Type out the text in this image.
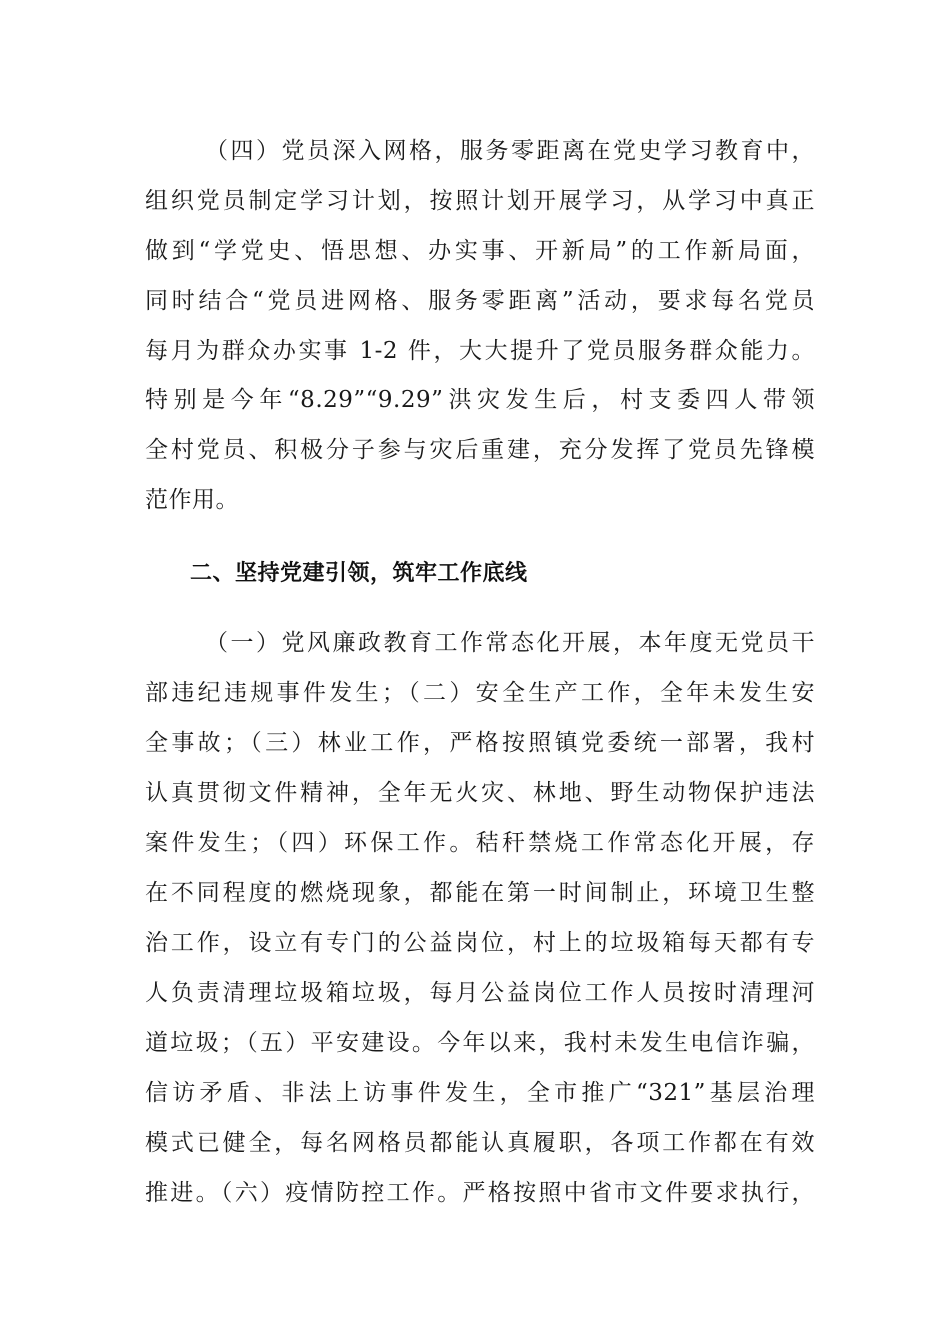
（四）党员深入网格，服务零距离在党史学习教育中，
组织党员制定学习计划，按照计划开展学习，从学习中真正
做到“学党史、悟思想、办实事、开新局”的工作新局面，
同时结合“党员进网格、服务零距离”活动，要求每名党员
每月为群众办实事 1-2 件，大大提升了党员服务群众能力。
特别是今年“8.29”“9.29”洪灾发生后，村支委四人带领
全村党员、积极分子参与灾后重建，充分发挥了党员先锋模
范作用。
二、坚持党建引领，筑牢工作底线
（一）党风廉政教育工作常态化开展，本年度无党员干
部违纪违规事件发生；（二）安全生产工作，全年未发生安
全事故；（三）林业工作，严格按照镇党委统一部署，我村
认真贯彻文件精神，全年无火灾、林地、野生动物保护违法
案件发生；（四）环保工作。秸秆禁烧工作常态化开展，存
在不同程度的燃烧现象，都能在第一时间制止，环境卫生整
治工作，设立有专门的公益岗位，村上的垃圾箱每天都有专
人负责清理垃圾箱垃圾，每月公益岗位工作人员按时清理河
道垃圾；（五）平安建设。今年以来，我村未发生电信诈骗，
信访矛盾、非法上访事件发生，全市推广“321”基层治理
模式已健全，每名网格员都能认真履职，各项工作都在有效
推进。（六）疫情防控工作。严格按照中省市文件要求执行，
